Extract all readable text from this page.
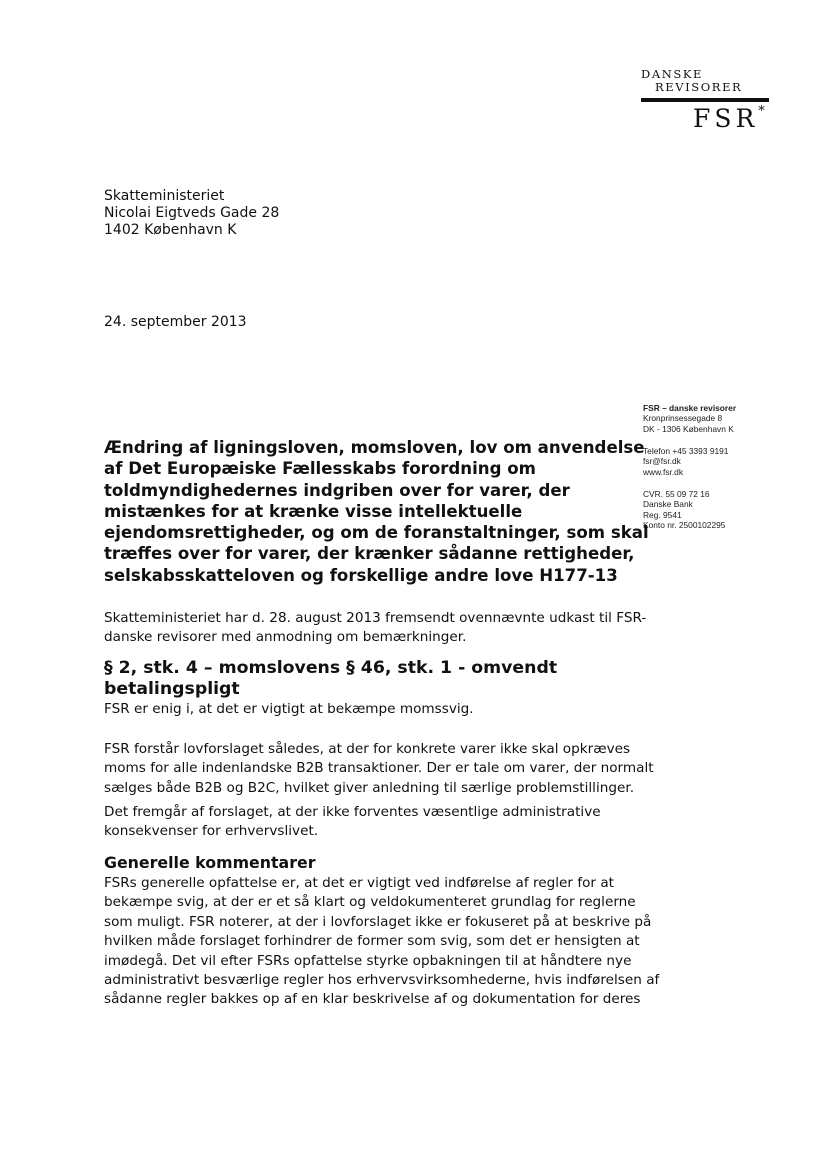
DANSKE
REVISORER
FSR*
Skatteministeriet
Nicolai Eigtveds Gade 28
1402 København K
24. september 2013
FSR – danske revisorer
Kronprinsessegade 8
DK - 1306 København K
Telefon +45 3393 9191
fsr@fsr.dk
www.fsr.dk
CVR. 55 09 72 16
Danske Bank
Reg. 9541
Konto nr. 2500102295
Ændring af ligningsloven, momsloven, lov om anvendelse
af Det Europæiske Fællesskabs forordning om
toldmyndighedernes indgriben over for varer, der
mistænkes for at krænke visse intellektuelle
ejendomsrettigheder, og om de foranstaltninger, som skal
træffes over for varer, der krænker sådanne rettigheder,
selskabsskatteloven og forskellige andre love H177-13
Skatteministeriet har d. 28. august 2013 fremsendt ovennævnte udkast til FSR-
danske revisorer med anmodning om bemærkninger.
§ 2, stk. 4 – momslovens § 46, stk. 1 - omvendt
betalingspligt
FSR er enig i, at det er vigtigt at bekæmpe momssvig.
FSR forstår lovforslaget således, at der for konkrete varer ikke skal opkræves
moms for alle indenlandske B2B transaktioner. Der er tale om varer, der normalt
sælges både B2B og B2C, hvilket giver anledning til særlige problemstillinger.
Det fremgår af forslaget, at der ikke forventes væsentlige administrative
konsekvenser for erhvervslivet.
Generelle kommentarer
FSRs generelle opfattelse er, at det er vigtigt ved indførelse af regler for at
bekæmpe svig, at der er et så klart og veldokumenteret grundlag for reglerne
som muligt. FSR noterer, at der i lovforslaget ikke er fokuseret på at beskrive på
hvilken måde forslaget forhindrer de former som svig, som det er hensigten at
imødegå. Det vil efter FSRs opfattelse styrke opbakningen til at håndtere nye
administrativt besværlige regler hos erhvervsvirksomhederne, hvis indførelsen af
sådanne regler bakkes op af en klar beskrivelse af og dokumentation for deres
